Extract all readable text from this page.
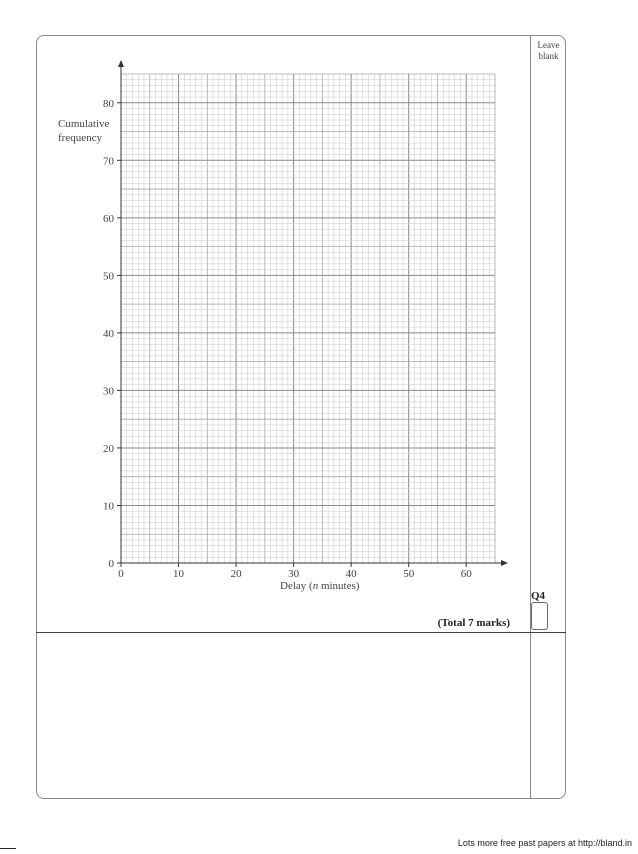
Leave
blank
Q4
(Total 7 marks)
0	10	20	30	40	50	60
0
10
20
30
40
50
60
70
80
Cumulative
frequency
Delay (n minutes)
Lots more free past papers at http://bland.in
